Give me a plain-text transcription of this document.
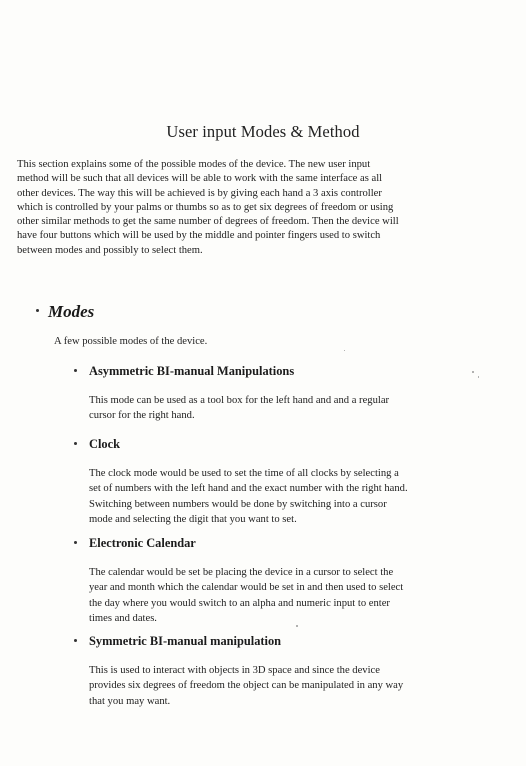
User input Modes & Method
This section explains some of the possible modes of the device. The new user input
method will be such that all devices will be able to work with the same interface as all
other devices. The way this will be achieved is by giving each hand a 3 axis controller
which is controlled by your palms or thumbs so as to get six degrees of freedom or using
other similar methods to get the same number of degrees of freedom. Then the device will
have four buttons which will be used by the middle and pointer fingers used to switch
between modes and possibly to select them.
Modes
A few possible modes of the device.
Asymmetric BI-manual Manipulations
This mode can be used as a tool box for the left hand and and a regular
cursor for the right hand.
Clock
The clock mode would be used to set the time of all clocks by selecting a
set of numbers with the left hand and the exact number with the right hand.
Switching between numbers would be done by switching into a cursor
mode and selecting the digit that you want to set.
Electronic Calendar
The calendar would be set be placing the device in a cursor to select the
year and month which the calendar would be set in and then used to select
the day where you would switch to an alpha and numeric input to enter
times and dates.
Symmetric BI-manual manipulation
This is used to interact with objects in 3D space and since the device
provides six degrees of freedom the object can be manipulated in any way
that you may want.
